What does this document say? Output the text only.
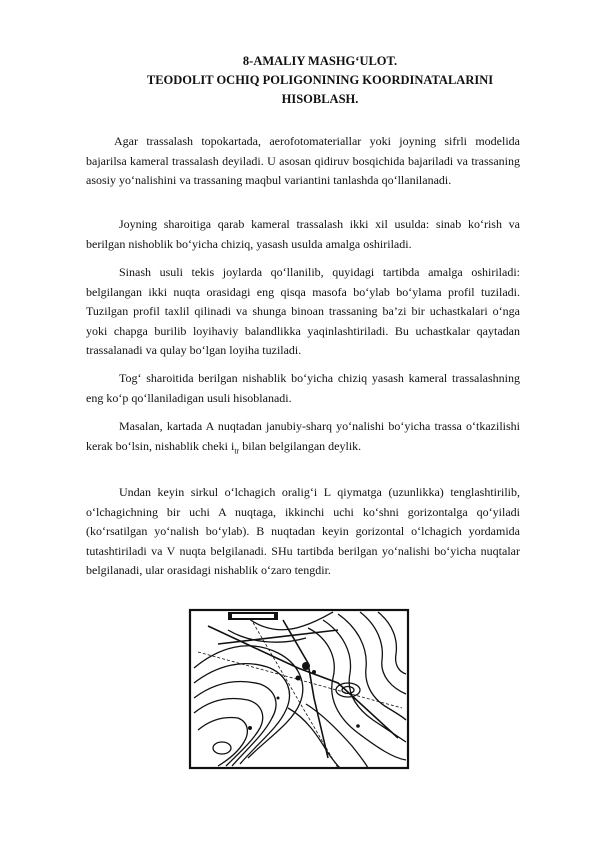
8-AMALIY MASHG‘ULOT.
TEODOLIT OCHIQ POLIGONINING KOORDINATALARINI
HISOBLASH.

Agar trassalash topokartada, aerofotomateriallar yoki joyning sifrli modelida bajarilsa kameral trassalash deyiladi. U asosan qidiruv bosqichida bajariladi va trassaning asosiy yo‘nalishini va trassaning maqbul variantini tanlashda qo‘llanilanadi.

Joyning sharoitiga qarab kameral trassalash ikki xil usulda: sinab ko‘rish va berilgan nishoblik bo‘yicha chiziq, yasash usulda amalga oshiriladi.

Sinash usuli tekis joylarda qo‘llanilib, quyidagi tartibda amalga oshiriladi: belgilangan ikki nuqta orasidagi eng qisqa masofa bo‘ylab bo‘ylama profil tuziladi. Tuzilgan profil taxlil qilinadi va shunga binoan trassaning ba’zi bir uchastkalari o‘nga yoki chapga burilib loyihaviy balandlikka yaqinlashtiriladi. Bu uchastkalar qaytadan trassalanadi va qulay bo‘lgan loyiha tuziladi.

Tog‘ sharoitida berilgan nishablik bo‘yicha chiziq yasash kameral trassalashning eng ko‘p qo‘llaniladigan usuli hisoblanadi.

Masalan, kartada A nuqtadan janubiy-sharq yo‘nalishi bo‘yicha trassa o‘tkazilishi kerak bo‘lsin, nishablik cheki $i_{tr}$ bilan belgilangan deylik.

Undan keyin sirkul o‘lchagich oralig‘i L qiymatga (uzunlikka) tenglashtirilib, o‘lchagichning bir uchi A nuqtaga, ikkinchi uchi ko‘shni gorizontalga qo‘yiladi (ko‘rsatilgan yo‘nalish bo‘ylab). B nuqtadan keyin gorizontal o‘lchagich yordamida tutashtiriladi va V nuqta belgilanadi. SHu tartibda berilgan yo‘nalishi bo‘yicha nuqtalar belgilanadi, ular orasidagi nishablik o‘zaro tengdir.
